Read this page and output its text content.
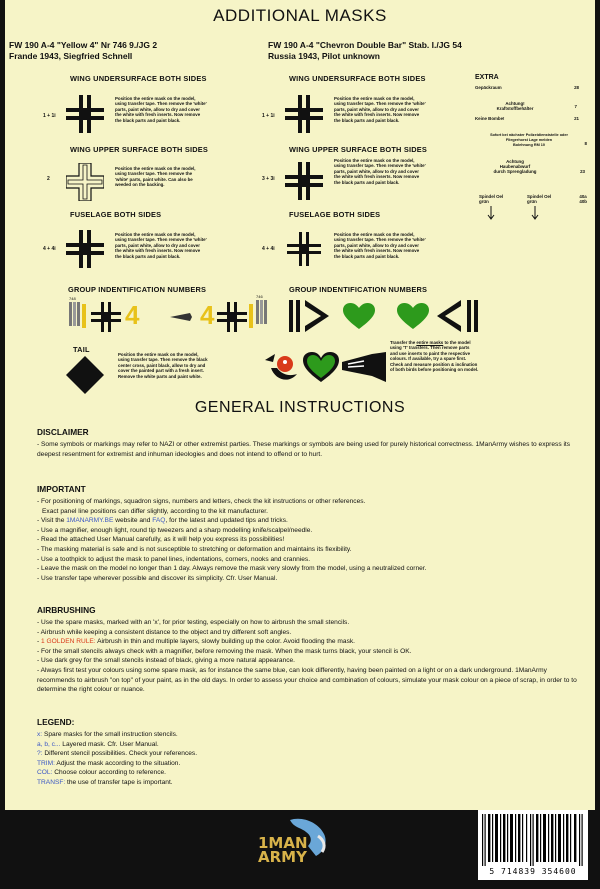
ADDITIONAL MASKS
FW 190 A-4 "Yellow 4" Nr 746 9./JG 2
Frande 1943, Siegfried Schnell
FW 190 A-4 "Chevron Double Bar" Stab. I./JG 54
Russia 1943, Pilot unknown
WING UNDERSURFACE BOTH SIDES
1 + 1i
Position the entire mask on the model,
using transfer tape. Then remove the 'white'
parts, paint white, allow to dry and cover
the white with fresh inserts. Now remove
the black parts and paint black.
WING UPPER SURFACE BOTH SIDES
2
Position the entire mask on the model,
using transfer tape. Then remove the
'white' parts, paint white. Can also be
weeded on the backing.
FUSELAGE BOTH SIDES
4 + 4i
Position the entire mask on the model,
using transfer tape. Then remove the 'white'
parts, paint white, allow to dry and cover
the white with fresh inserts. Now remove
the black parts and paint black.
WING UNDERSURFACE BOTH SIDES
1 + 1i
Position the entire mask on the model,
using transfer tape. Then remove the 'white'
parts, paint white, allow to dry and cover
the white with fresh inserts. Now remove
the black parts and paint black.
WING UPPER SURFACE BOTH SIDES
3 + 3i
Position the entire mask on the model,
using transfer tape. Then remove the 'white'
parts, paint white, allow to dry and cover
the white with fresh inserts. Now remove
the black parts and paint black.
FUSELAGE BOTH SIDES
4 + 4i
Position the entire mask on the model,
using transfer tape. Then remove the 'white'
parts, paint white, allow to dry and cover
the white with fresh inserts. Now remove
the black parts and paint black.
EXTRA
Gepäckraum	28

Achtung!
Kraftstoffbehälter	7
Keine Bombe!	21

Sofort bei nächster Polizeidienststelle oder
Fliegerhorst Lage melden
Bolehnung RM 10	8

Achtung
Haubenabwurf
durch Sprengladung	23
Spindel Oel
grün
Spindel Oel
grün
40a
40b
GROUP INDENTIFICATION NUMBERS	GROUP INDENTIFICATION NUMBERS
748
4 4
746
TAIL
Position the entire mask on the model,
using transfer tape. Then remove the black
center cross, paint black, allow to dry and
cover the painted part with a fresh insert.
Remove the white parts and paint white.
Transfer the entire masks to the model
using 'T' transfers. Then remove parts
and use inserts to paint the respective
colours. If available, try a spare first.
Check and measure position & inclination
of both birds before positioning on model.
GENERAL INSTRUCTIONS
DISCLAIMER
- Some symbols or markings may refer to NAZI or other extremist parties. These markings or symbols are being used for purely historical correctness. 1ManArmy wishes to express its deepest resentment for extremist and inhuman ideologies and does not intend to offend or to hurt.
IMPORTANT
- For positioning of markings, squadron signs, numbers and letters, check the kit instructions or other references.
Exact panel line positions can differ slightly, according to the kit manufacturer.
- Visit the 1MANARMY.BE website and FAQ, for the latest and updated tips and tricks.
- Use a magnifier, enough light, round tip tweezers and a sharp modelling knife/scalpel/needle.
- Read the attached User Manual carefully, as it will help you express its possibilities!
- The masking material is safe and is not susceptible to stretching or deformation and maintains its flexibility.
- Use a toothpick to adjust the mask to panel lines, indentations, corners, nooks and crannies.
- Leave the mask on the model no longer than 1 day. Always remove the mask very slowly from the model, using a neutralized corner.
- Use transfer tape wherever possible and discover its simplicity. Cfr. User Manual.
AIRBRUSHING
- Use the spare masks, marked with an 'x', for prior testing, especially on how to airbrush the small stencils.
- Airbrush while keeping a consistent distance to the object and try different soft angles.
- 1 GOLDEN RULE: Airbrush in thin and multiple layers, slowly building up the color. Avoid flooding the mask.
- For the small stencils always check with a magnifier, before removing the mask. When the mask turns black, your stencil is OK.
- Use dark grey for the small stencils instead of black, giving a more natural appearance.
- Always first test your colours using some spare mask, as for instance the same blue, can look differently, having been painted on a light or on a dark underground. 1ManArmy recommends to airbrush "on top" of your paint, as in the old days. In order to assess your choice and combination of colours, simulate your mask colour on a piece of scrap, in order to to determine the right colour or nuance.
LEGEND:
x: Spare masks for the small instruction stencils.
a, b, c... Layered mask. Cfr. User Manual.
?: Different stencil possibilities. Check your references.
TRIM: Adjust the mask according to the situation.
COL: Choose colour according to reference.
TRANSF: the use of transfer tape is important.
1MAN
ARMY
5 714839 354600
